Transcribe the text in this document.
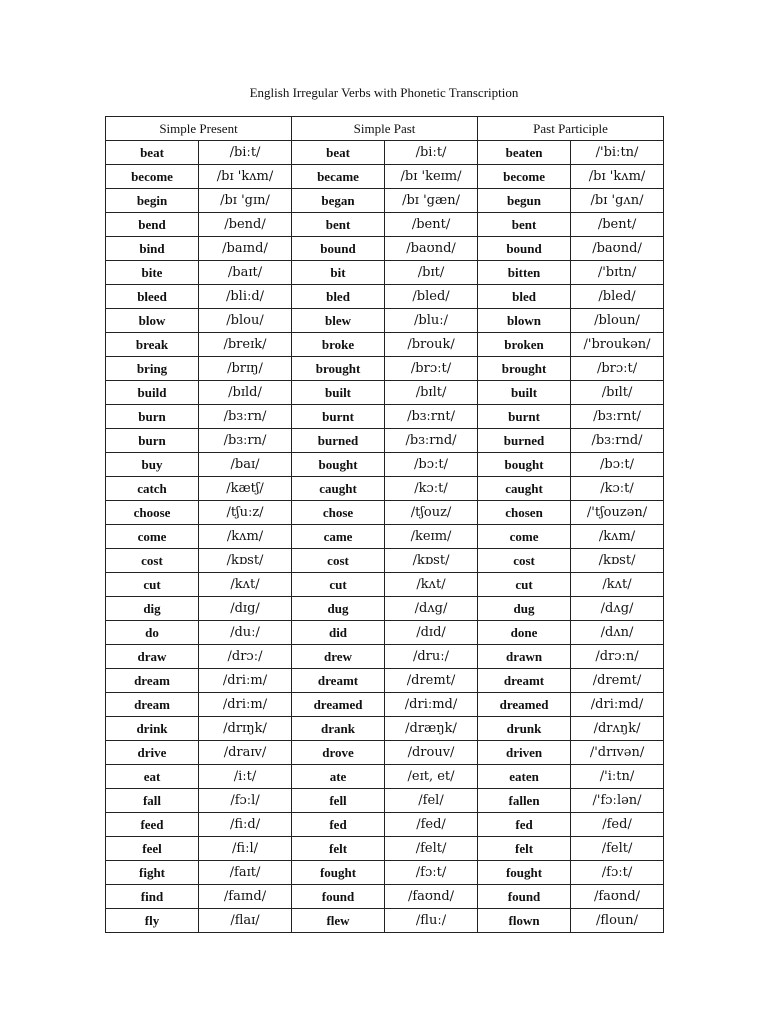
English Irregular Verbs with Phonetic Transcription
Simple Present		Simple Past		Past Participle	
beat	/biːt/	beat	/biːt/	beaten	/'biːtn/
become	/bɪ 'kʌm/	became	/bɪ 'keɪm/	become	/bɪ 'kʌm/
begin	/bɪ 'gɪn/	began	/bɪ 'gæn/	begun	/bɪ 'gʌn/
bend	/bend/	bent	/bent/	bent	/bent/
bind	/baɪnd/	bound	/baʊnd/	bound	/baʊnd/
bite	/baɪt/	bit	/bɪt/	bitten	/'bɪtn/
bleed	/bliːd/	bled	/bled/	bled	/bled/
blow	/blou/	blew	/bluː/	blown	/bloun/
break	/breɪk/	broke	/brouk/	broken	/'broukən/
bring	/brɪŋ/	brought	/brɔːt/	brought	/brɔːt/
build	/bɪld/	built	/bɪlt/	built	/bɪlt/
burn	/bɜːrn/	burnt	/bɜːrnt/	burnt	/bɜːrnt/
burn	/bɜːrn/	burned	/bɜːrnd/	burned	/bɜːrnd/
buy	/baɪ/	bought	/bɔːt/	bought	/bɔːt/
catch	/kætʃ/	caught	/kɔːt/	caught	/kɔːt/
choose	/tʃuːz/	chose	/tʃouz/	chosen	/'tʃouzən/
come	/kʌm/	came	/keɪm/	come	/kʌm/
cost	/kɒst/	cost	/kɒst/	cost	/kɒst/
cut	/kʌt/	cut	/kʌt/	cut	/kʌt/
dig	/dɪg/	dug	/dʌg/	dug	/dʌg/
do	/duː/	did	/dɪd/	done	/dʌn/
draw	/drɔː/	drew	/druː/	drawn	/drɔːn/
dream	/driːm/	dreamt	/dremt/	dreamt	/dremt/
dream	/driːm/	dreamed	/driːmd/	dreamed	/driːmd/
drink	/drɪŋk/	drank	/dræŋk/	drunk	/drʌŋk/
drive	/draɪv/	drove	/drouv/	driven	/'drɪvən/
eat	/iːt/	ate	/eɪt, et/	eaten	/'iːtn/
fall	/fɔːl/	fell	/fel/	fallen	/'fɔːlən/
feed	/fiːd/	fed	/fed/	fed	/fed/
feel	/fiːl/	felt	/felt/	felt	/felt/
fight	/faɪt/	fought	/fɔːt/	fought	/fɔːt/
find	/faɪnd/	found	/faʊnd/	found	/faʊnd/
fly	/flaɪ/	flew	/fluː/	flown	/floun/
